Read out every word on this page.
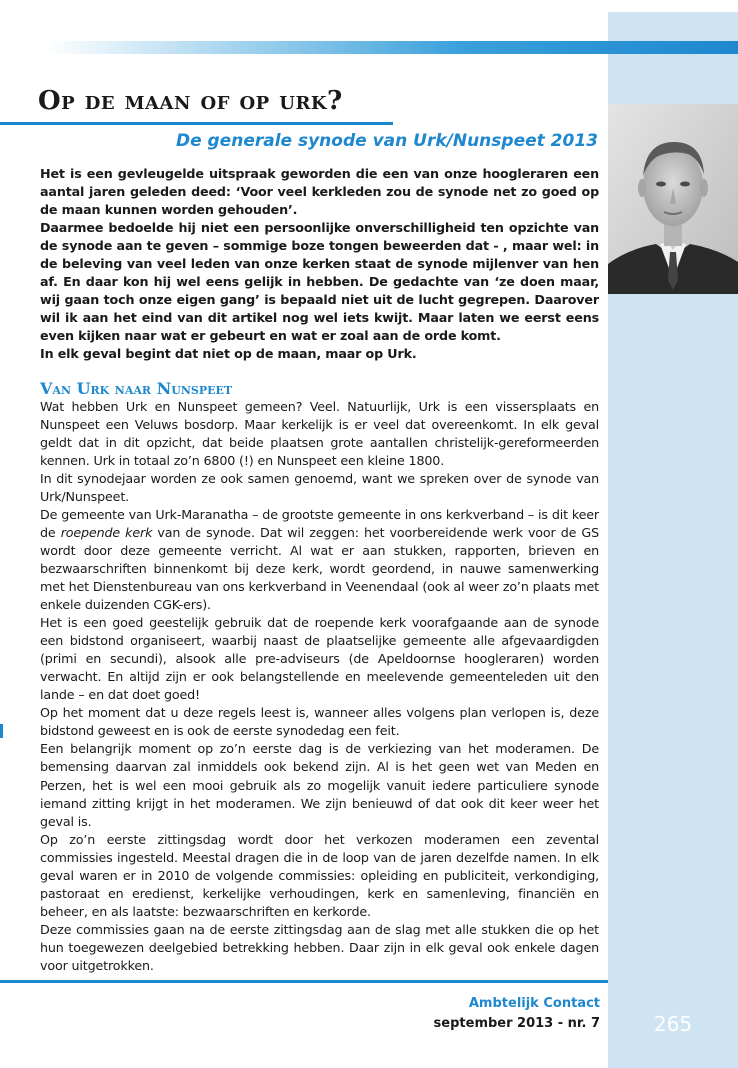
Op de maan of op urk?
De generale synode van Urk/Nunspeet 2013

Het is een gevleugelde uitspraak geworden die een van onze hoogleraren een aantal jaren geleden deed: ‘Voor veel kerkleden zou de synode net zo goed op de maan kunnen worden gehouden’.

Daarmee bedoelde hij niet een persoonlijke onverschilligheid ten opzichte van de synode aan te geven – sommige boze tongen beweerden dat - , maar wel: in de beleving van veel leden van onze kerken staat de synode mijlenver van hen af. En daar kon hij wel eens gelijk in hebben. De gedachte van ‘ze doen maar, wij gaan toch onze eigen gang’ is bepaald niet uit de lucht gegrepen. Daarover wil ik aan het eind van dit artikel nog wel iets kwijt. Maar laten we eerst eens even kijken naar wat er gebeurt en wat er zoal aan de orde komt.

In elk geval begint dat niet op de maan, maar op Urk.

Van Urk naar Nunspeet

Wat hebben Urk en Nunspeet gemeen? Veel. Natuurlijk, Urk is een vissersplaats en Nunspeet een Veluws bosdorp. Maar kerkelijk is er veel dat overeenkomt. In elk geval geldt dat in dit opzicht, dat beide plaatsen grote aantallen christelijk-gereformeerden kennen. Urk in totaal zo’n 6800 (!) en Nunspeet een kleine 1800.

In dit synodejaar worden ze ook samen genoemd, want we spreken over de synode van Urk/Nunspeet.

De gemeente van Urk-Maranatha – de grootste gemeente in ons kerkverband – is dit keer de roepende kerk van de synode. Dat wil zeggen: het voorbereidende werk voor de GS wordt door deze gemeente verricht. Al wat er aan stukken, rapporten, brieven en bezwaarschriften binnenkomt bij deze kerk, wordt geordend, in nauwe samenwerking met het Dienstenbureau van ons kerkverband in Veenendaal (ook al weer zo’n plaats met enkele duizenden CGK-ers).

Het is een goed geestelijk gebruik dat de roepende kerk voorafgaande aan de synode een bidstond organiseert, waarbij naast de plaatselijke gemeente alle afgevaardigden (primi en secundi), alsook alle pre-adviseurs (de Apeldoornse hoogleraren) worden verwacht. En altijd zijn er ook belangstellende en meelevende gemeenteleden uit den lande – en dat doet goed!

Op het moment dat u deze regels leest is, wanneer alles volgens plan verlopen is, deze bidstond geweest en is ook de eerste synodedag een feit.

Een belangrijk moment op zo’n eerste dag is de verkiezing van het moderamen. De bemensing daarvan zal inmiddels ook bekend zijn. Al is het geen wet van Meden en Perzen, het is wel een mooi gebruik als zo mogelijk vanuit iedere particuliere synode iemand zitting krijgt in het moderamen. We zijn benieuwd of dat ook dit keer weer het geval is.

Op zo’n eerste zittingsdag wordt door het verkozen moderamen een zevental commissies ingesteld. Meestal dragen die in de loop van de jaren dezelfde namen. In elk geval waren er in 2010 de volgende commissies: opleiding en publiciteit, verkondiging, pastoraat en eredienst, kerkelijke verhoudingen, kerk en samenleving, financiën en beheer, en als laatste: bezwaarschriften en kerkorde.

Deze commissies gaan na de eerste zittingsdag aan de slag met alle stukken die op het hun toegewezen deelgebied betrekking hebben. Daar zijn in elk geval ook enkele dagen voor uitgetrokken.

Ambtelijk Contact

september 2013 - nr. 7	265
